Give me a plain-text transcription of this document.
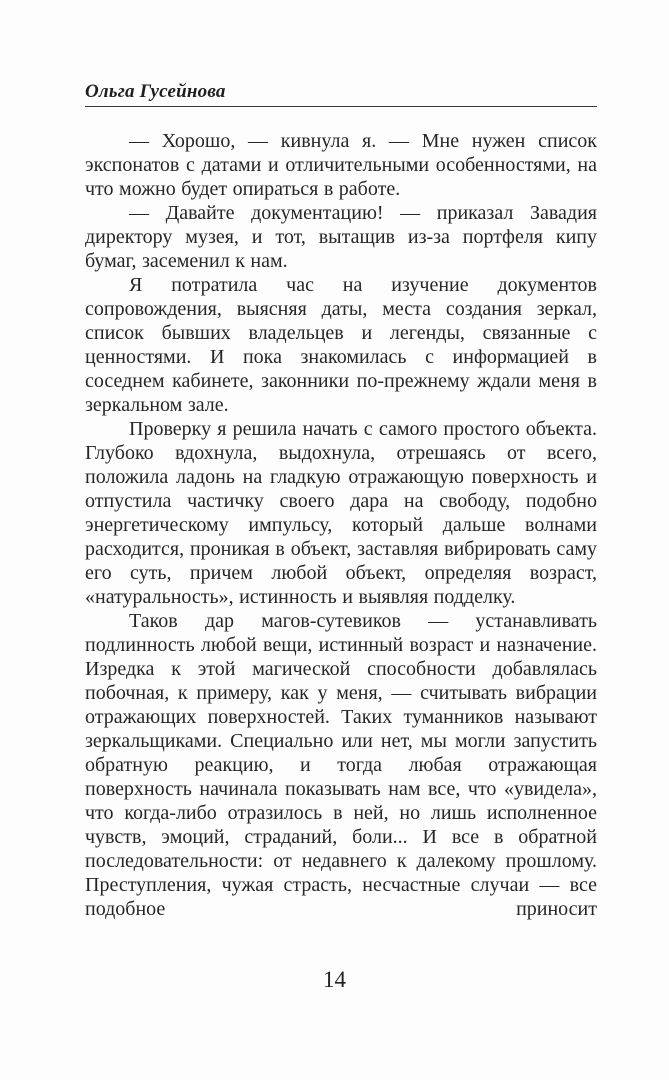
Ольга Гусейнова

— Хорошо, — кивнула я. — Мне нужен список экспонатов с датами и отличительными особенностями, на что можно будет опираться в работе.

— Давайте документацию! — приказал Завадия директору музея, и тот, вытащив из-за портфеля кипу бумаг, засеменил к нам.

Я потратила час на изучение документов сопровождения, выясняя даты, места создания зеркал, список бывших владельцев и легенды, связанные с ценностями. И пока знакомилась с информацией в соседнем кабинете, законники по-прежнему ждали меня в зеркальном зале.

Проверку я решила начать с самого простого объекта. Глубоко вдохнула, выдохнула, отрешаясь от всего, положила ладонь на гладкую отражающую поверхность и отпустила частичку своего дара на свободу, подобно энергетическому импульсу, который дальше волнами расходится, проникая в объект, заставляя вибрировать саму его суть, причем любой объект, определяя возраст, «натуральность», истинность и выявляя подделку.

Таков дар магов-сутевиков — устанавливать подлинность любой вещи, истинный возраст и назначение. Изредка к этой магической способности добавлялась побочная, к примеру, как у меня, — считывать вибрации отражающих поверхностей. Таких туманников называют зеркальщиками. Специально или нет, мы могли запустить обратную реакцию, и тогда любая отражающая поверхность начинала показывать нам все, что «увидела», что когда-либо отразилось в ней, но лишь исполненное чувств, эмоций, страданий, боли... И все в обратной последовательности: от недавнего к далекому прошлому. Преступления, чужая страсть, несчастные случаи — все подобное приносит

14
